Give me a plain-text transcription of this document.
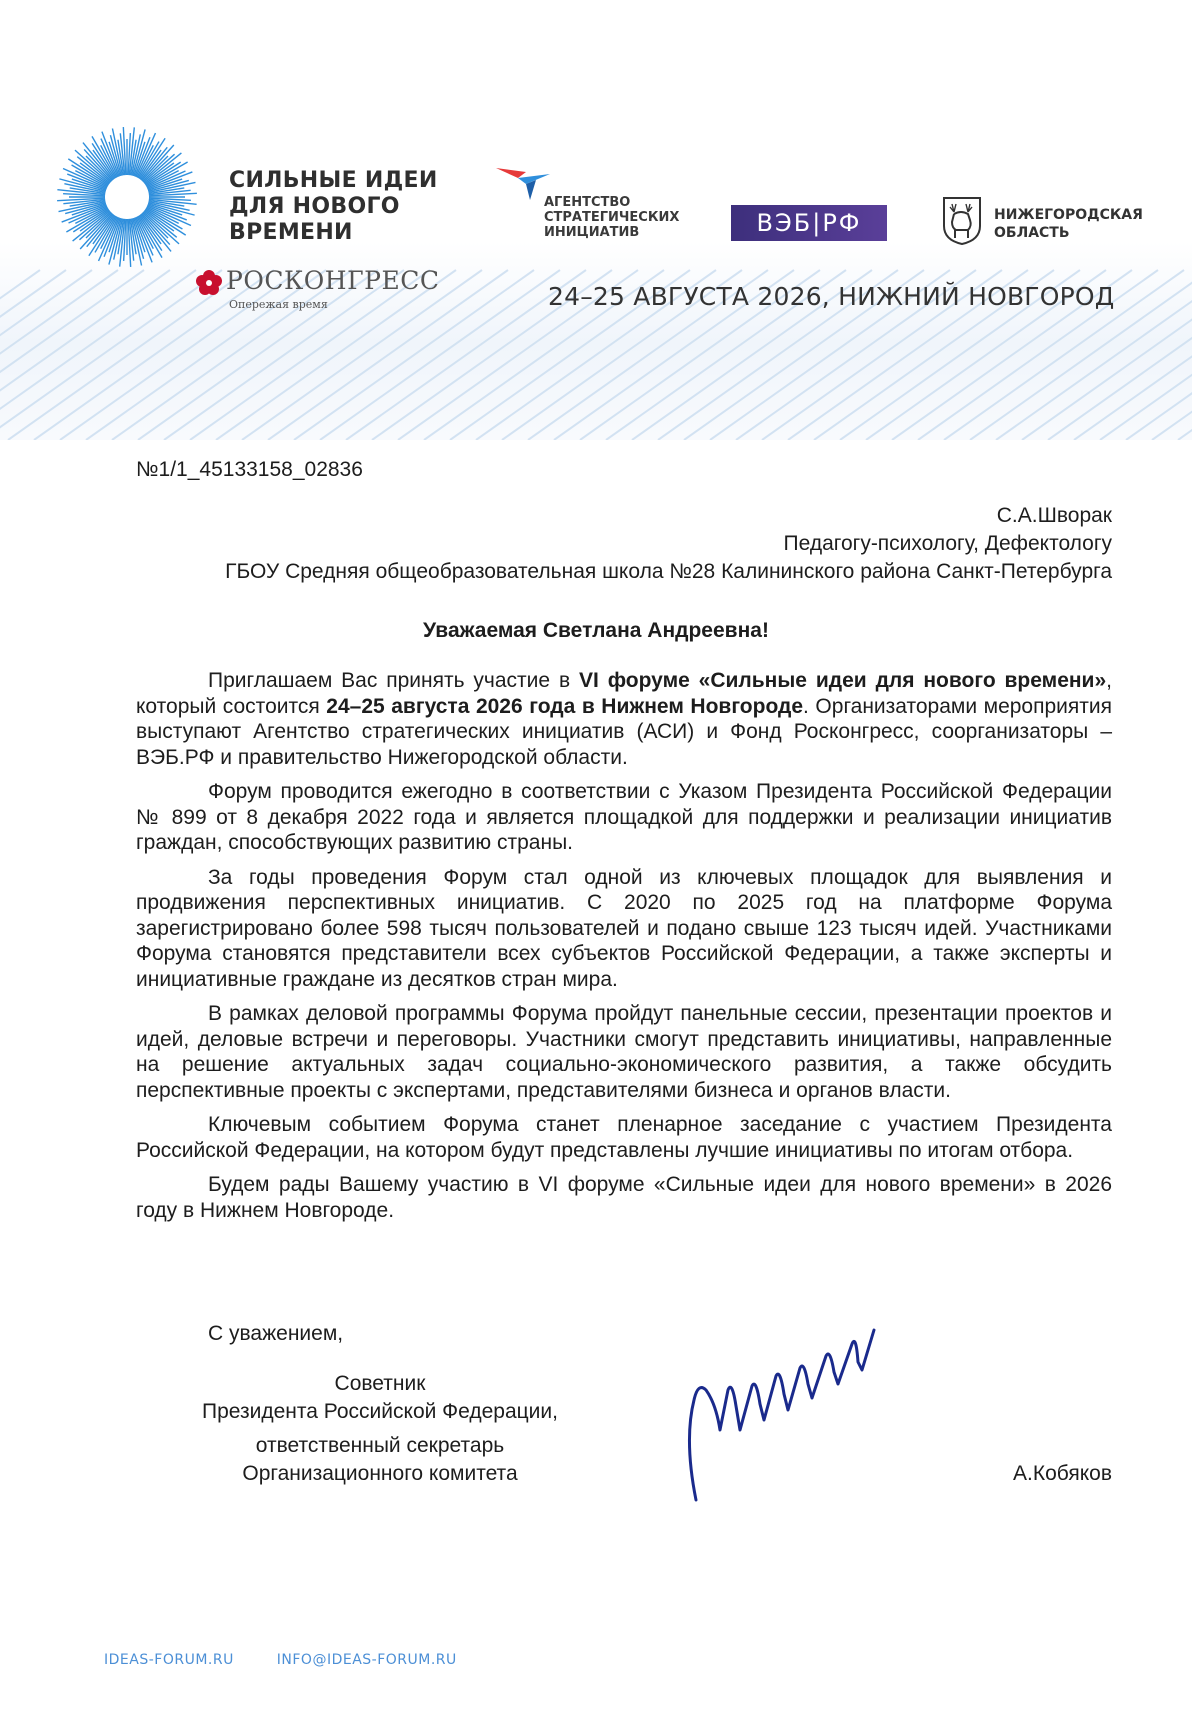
СИЛЬНЫЕ ИДЕИ
ДЛЯ НОВОГО
ВРЕМЕНИ
РОСКОНГРЕСС
Опережая время
АГЕНТСТВО
СТРАТЕГИЧЕСКИХ
ИНИЦИАТИВ	ВЭБ|РФ	НИЖЕГОРОДСКАЯ
ОБЛАСТЬ
24–25 АВГУСТА 2026, НИЖНИЙ НОВГОРОД
№1/1_45133158_02836
С.А.Шворак
Педагогу-психологу, Дефектологу
ГБОУ Средняя общеобразовательная школа №28 Калининского района Санкт-Петербурга
Уважаемая Светлана Андреевна!

Приглашаем Вас принять участие в VI форуме «Сильные идеи для нового времени», который состоится 24–25 августа 2026 года в Нижнем Новгороде. Организаторами мероприятия выступают Агентство стратегических инициатив (АСИ) и Фонд Росконгресс, соорганизаторы – ВЭБ.РФ и правительство Нижегородской области.

Форум проводится ежегодно в соответствии с Указом Президента Российской Федерации № 899 от 8 декабря 2022 года и является площадкой для поддержки и реализации инициатив граждан, способствующих развитию страны.

За годы проведения Форум стал одной из ключевых площадок для выявления и продвижения перспективных инициатив. С 2020 по 2025 год на платформе Форума зарегистрировано более 598 тысяч пользователей и подано свыше 123 тысяч идей. Участниками Форума становятся представители всех субъектов Российской Федерации, а также эксперты и инициативные граждане из десятков стран мира.

В рамках деловой программы Форума пройдут панельные сессии, презентации проектов и идей, деловые встречи и переговоры. Участники смогут представить инициативы, направленные на решение актуальных задач социально-экономического развития, а также обсудить перспективные проекты с экспертами, представителями бизнеса и органов власти.

Ключевым событием Форума станет пленарное заседание с участием Президента Российской Федерации, на котором будут представлены лучшие инициативы по итогам отбора.

Будем рады Вашему участию в VI форуме «Сильные идеи для нового времени» в 2026 году в Нижнем Новгороде.

С уважением,
Советник
Президента Российской Федерации,
ответственный секретарь
Организационного комитета	А.Кобяков
IDEAS-FORUM.RU	INFO@IDEAS-FORUM.RU
